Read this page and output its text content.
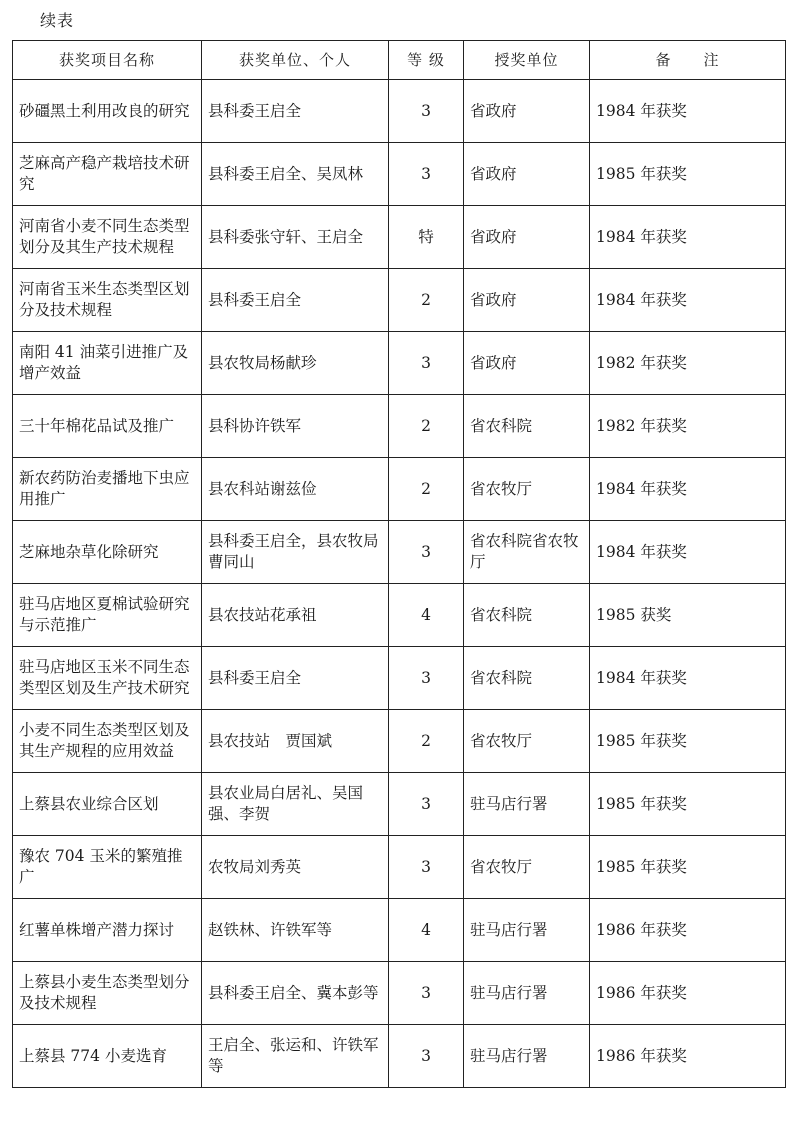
续表
获奖项目名称	获奖单位、个人	等 级	授奖单位	备　　注
砂礓黑土利用改良的研究	县科委王启全	3	省政府	1984 年获奖
芝麻高产稳产栽培技术研究	县科委王启全、吴凤林	3	省政府	1985 年获奖
河南省小麦不同生态类型划分及其生产技术规程	县科委张守轩、王启全	特	省政府	1984 年获奖
河南省玉米生态类型区划分及技术规程	县科委王启全	2	省政府	1984 年获奖
南阳 41 油菜引进推广及增产效益	县农牧局杨献珍	3	省政府	1982 年获奖
三十年棉花品试及推广	县科协许铁军	2	省农科院	1982 年获奖
新农药防治麦播地下虫应用推广	县农科站谢兹俭	2	省农牧厅	1984 年获奖
芝麻地杂草化除研究	县科委王启全，县农牧局曹同山	3	省农科院省农牧厅	1984 年获奖
驻马店地区夏棉试验研究与示范推广	县农技站花承祖	4	省农科院	1985 获奖
驻马店地区玉米不同生态类型区划及生产技术研究	县科委王启全	3	省农科院	1984 年获奖
小麦不同生态类型区划及其生产规程的应用效益	县农技站　贾国斌	2	省农牧厅	1985 年获奖
上蔡县农业综合区划	县农业局白居礼、吴国强、李贺	3	驻马店行署	1985 年获奖
豫农 704 玉米的繁殖推广	农牧局刘秀英	3	省农牧厅	1985 年获奖
红薯单株增产潜力探讨	赵铁林、许铁军等	4	驻马店行署	1986 年获奖
上蔡县小麦生态类型划分及技术规程	县科委王启全、冀本彭等	3	驻马店行署	1986 年获奖
上蔡县 774 小麦选育	王启全、张运和、许铁军等	3	驻马店行署	1986 年获奖
